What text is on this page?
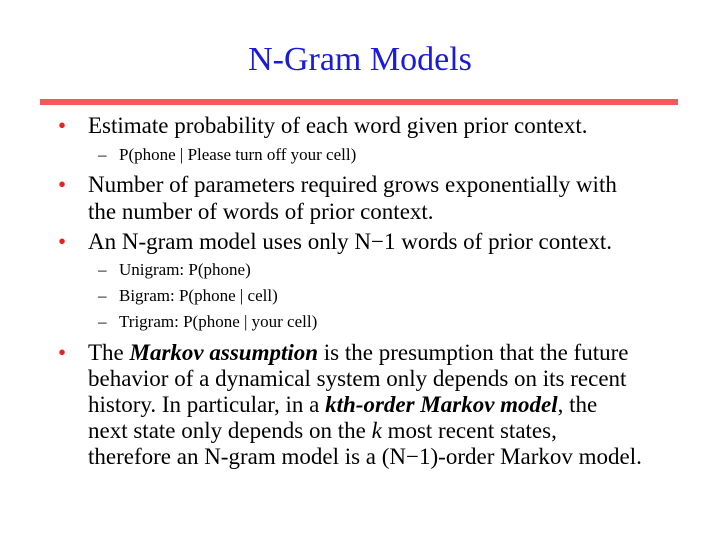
N-Gram Models
• Estimate probability of each word given prior context.
– P(phone | Please turn off your cell)
• Number of parameters required grows exponentially with
the number of words of prior context.
• An N-gram model uses only N−1 words of prior context.
– Unigram: P(phone)
– Bigram: P(phone | cell)
– Trigram: P(phone | your cell)
• The Markov assumption is the presumption that the future
behavior of a dynamical system only depends on its recent
history. In particular, in a kth-order Markov model, the
next state only depends on the k most recent states,
therefore an N-gram model is a (N−1)-order Markov model.
